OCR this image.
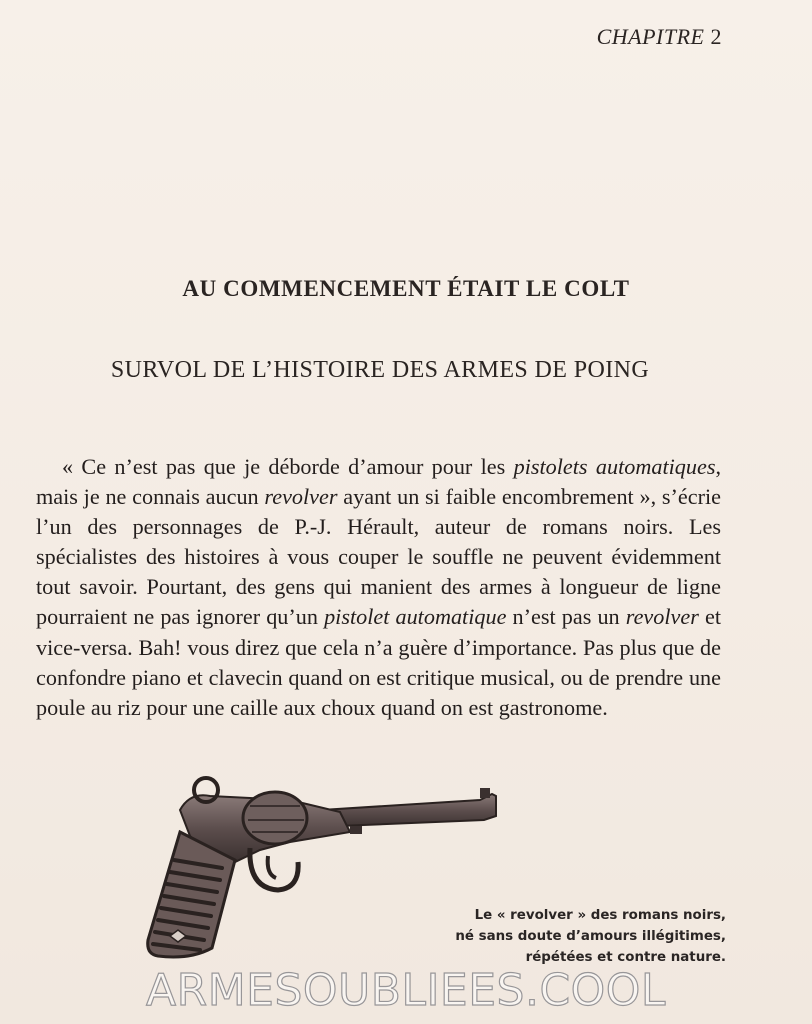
CHAPITRE 2
AU COMMENCEMENT ÉTAIT LE COLT
SURVOL DE L’HISTOIRE DES ARMES DE POING

« Ce n’est pas que je déborde d’amour pour les pistolets automatiques, mais je ne connais aucun revolver ayant un si faible encombrement », s’écrie l’un des personnages de P.-J. Hérault, auteur de romans noirs. Les spécialistes des histoires à vous couper le souffle ne peuvent évidemment tout savoir. Pourtant, des gens qui manient des armes à longueur de ligne pourraient ne pas ignorer qu’un pistolet automatique n’est pas un revolver et vice-versa. Bah! vous direz que cela n’a guère d’importance. Pas plus que de confondre piano et clavecin quand on est critique musical, ou de prendre une poule au riz pour une caille aux choux quand on est gastronome.

Le « revolver » des romans noirs,
né sans doute d’amours illégitimes,
répétées et contre nature.
ARMESOUBLIEES.COOL
